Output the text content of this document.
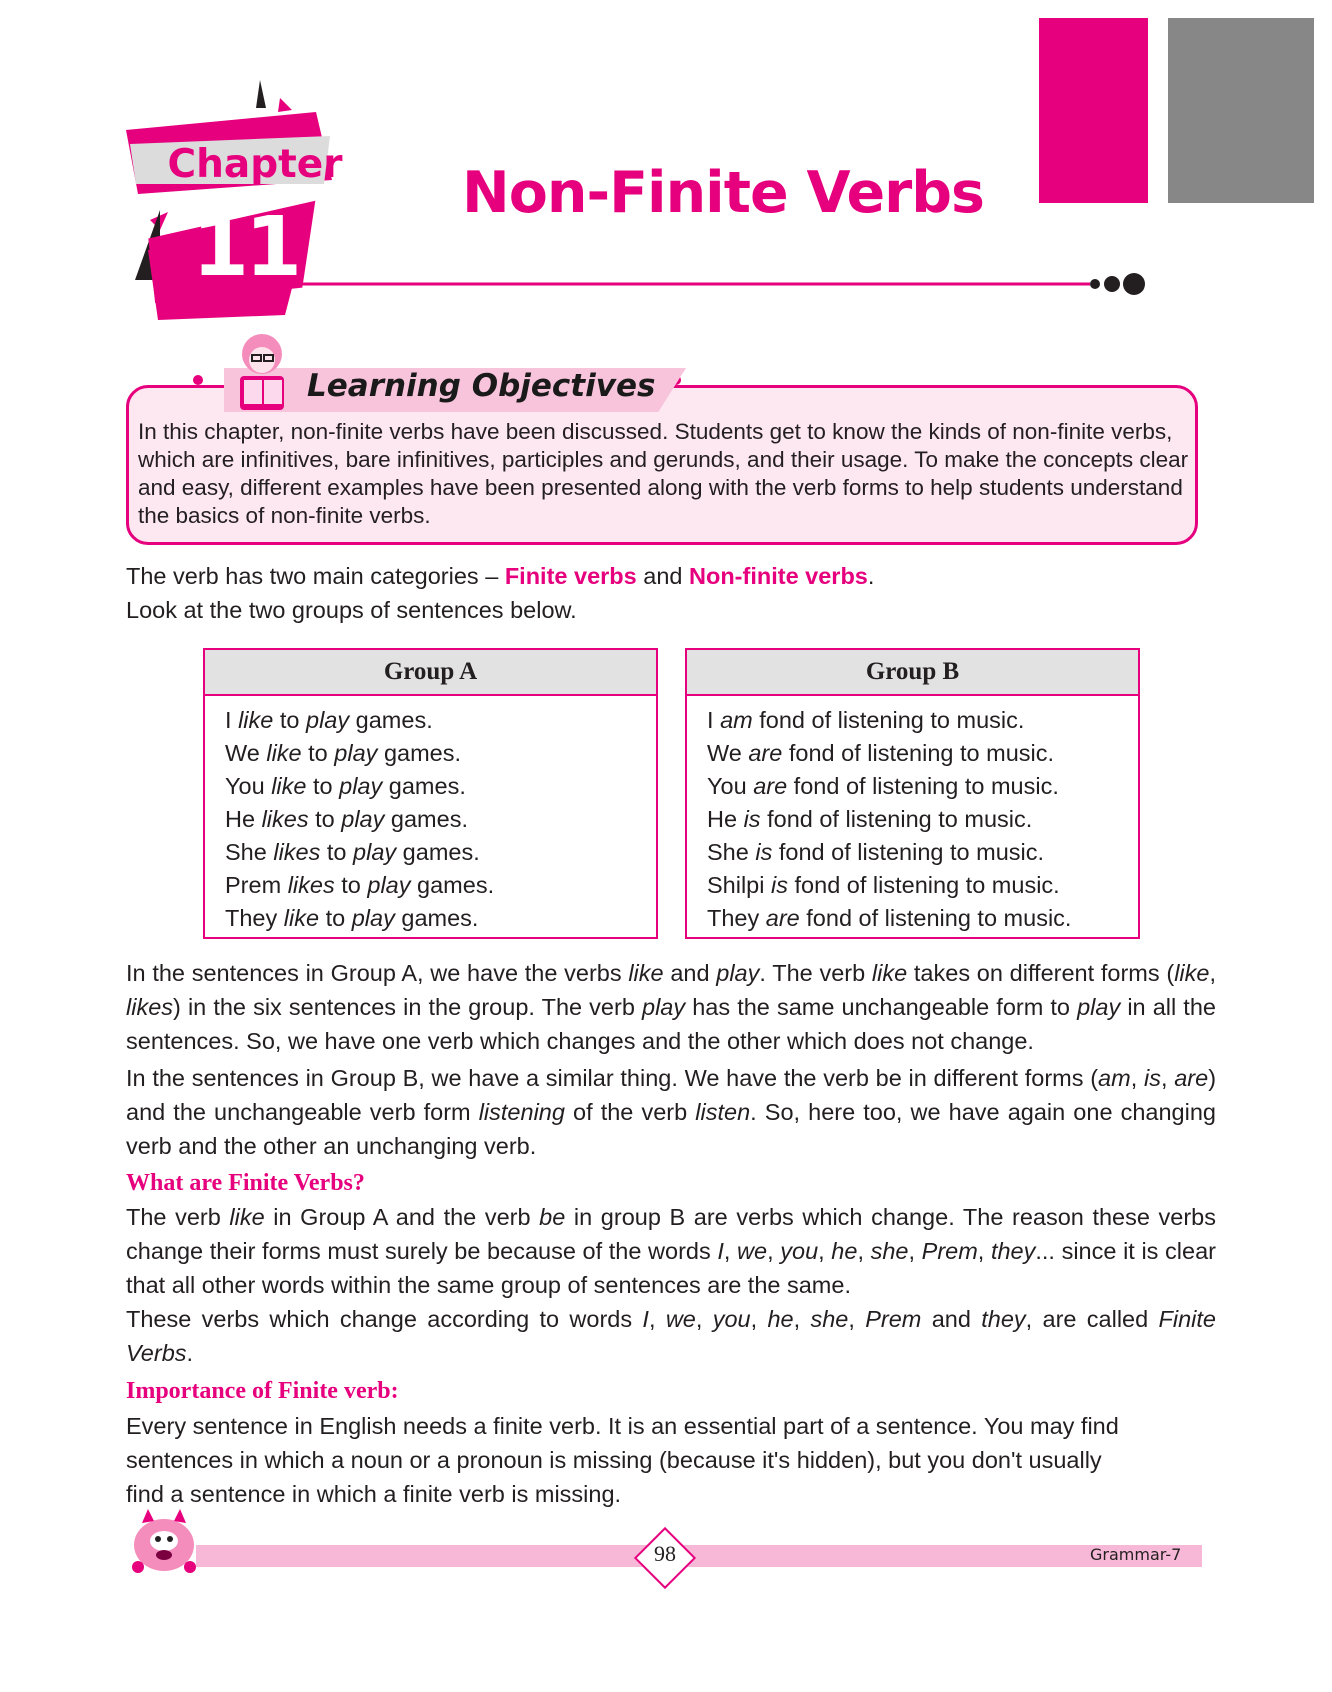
Chapter
11
Non-Finite Verbs
Learning Objectives
In this chapter, non-finite verbs have been discussed. Students get to know the kinds of non-finite verbs,
which are infinitives, bare infinitives, participles and gerunds, and their usage. To make the concepts clear
and easy, different examples have been presented along with the verb forms to help students understand
the basics of non-finite verbs.
The verb has two main categories – Finite verbs and Non-finite verbs.
Look at the two groups of sentences below.
Group A
I like to play games.
We like to play games.
You like to play games.
He likes to play games.
She likes to play games.
Prem likes to play games.
They like to play games.
Group B
I am fond of listening to music.
We are fond of listening to music.
You are fond of listening to music.
He is fond of listening to music.
She is fond of listening to music.
Shilpi is fond of listening to music.
They are fond of listening to music.
In the sentences in Group A, we have the verbs like and play. The verb like takes on different forms (like, likes) in the six sentences in the group. The verb play has the same unchangeable form to play in all the sentences. So, we have one verb which changes and the other which does not change.
In the sentences in Group B, we have a similar thing. We have the verb be in different forms (am, is, are) and the unchangeable verb form listening of the verb listen. So, here too, we have again one changing verb and the other an unchanging verb.
What are Finite Verbs?
The verb like in Group A and the verb be in group B are verbs which change. The reason these verbs change their forms must surely be because of the words I, we, you, he, she, Prem, they... since it is clear that all other words within the same group of sentences are the same.
These verbs which change according to words I, we, you, he, she, Prem and they, are called Finite Verbs.
Importance of Finite verb:
Every sentence in English needs a finite verb. It is an essential part of a sentence. You may find
sentences in which a noun or a pronoun is missing (because it's hidden), but you don't usually
find a sentence in which a finite verb is missing.
98	Grammar-7
